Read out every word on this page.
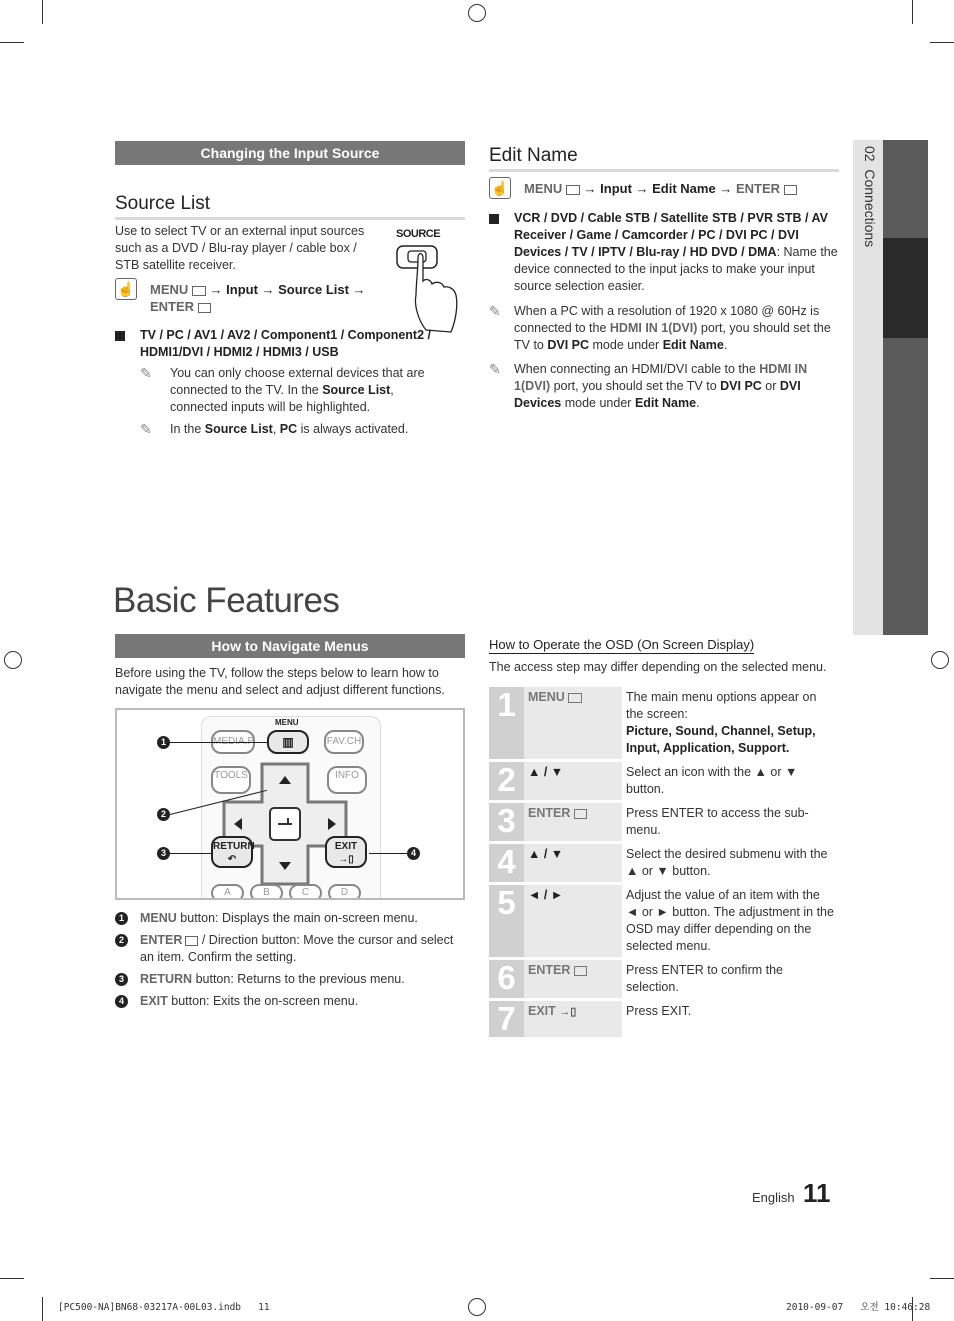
02  Connections
Changing the Input Source
Source List
Use to select TV or an external input sources such as a DVD / Blu-ray player / cable box / STB satellite receiver.
SOURCE
☝ MENU → Input → Source List →
ENTER
TV / PC / AV1 / AV2 / Component1 / Component2 / HDMI1/DVI / HDMI2 / HDMI3 / USB
✎	You can only choose external devices that are connected to the TV. In the Source List, connected inputs will be highlighted.
✎	In the Source List, PC is always activated.
Edit Name
☝ MENU → Input → Edit Name → ENTER
VCR / DVD / Cable STB / Satellite STB / PVR STB / AV Receiver / Game / Camcorder / PC / DVI PC / DVI Devices / TV / IPTV / Blu-ray / HD DVD / DMA: Name the device connected to the input jacks to make your input source selection easier.
✎	When a PC with a resolution of 1920 x 1080 @ 60Hz is connected to the HDMI IN 1(DVI) port, you should set the TV to DVI PC mode under Edit Name.
✎	When connecting an HDMI/DVI cable to the HDMI IN 1(DVI) port, you should set the TV to DVI PC or DVI Devices mode under Edit Name.
Basic Features
How to Navigate Menus
Before using the TV, follow the steps below to learn how to navigate the menu and select and adjust different functions.
MENU
▥	FAV.CH
TOOLS	INFO
RETURN
↶
EXIT
→▯
A	B	C	D
1
2
3	4
1	MENU button: Displays the main on-screen menu.
2	ENTER / Direction button: Move the cursor and select an item. Confirm the setting.
3	RETURN button: Returns to the previous menu.
4	EXIT button: Exits the on-screen menu.
How to Operate the OSD (On Screen Display)
The access step may differ depending on the selected menu.
1	MENU	The main menu options appear on the screen:
Picture, Sound, Channel, Setup, Input, Application, Support.
2	▲ / ▼	Select an icon with the ▲ or ▼ button.
3	ENTER	Press ENTER to access the sub-menu.
4	▲ / ▼	Select the desired submenu with the ▲ or ▼ button.
5	◄ / ►	Adjust the value of an item with the ◄ or ► button. The adjustment in the OSD may differ depending on the selected menu.
6	ENTER	Press ENTER to confirm the selection.
7	EXIT →▯	Press EXIT.
English 11
[PC500-NA]BN68-03217A-00L03.indb   11	2010-09-07   오전 10:46:28
